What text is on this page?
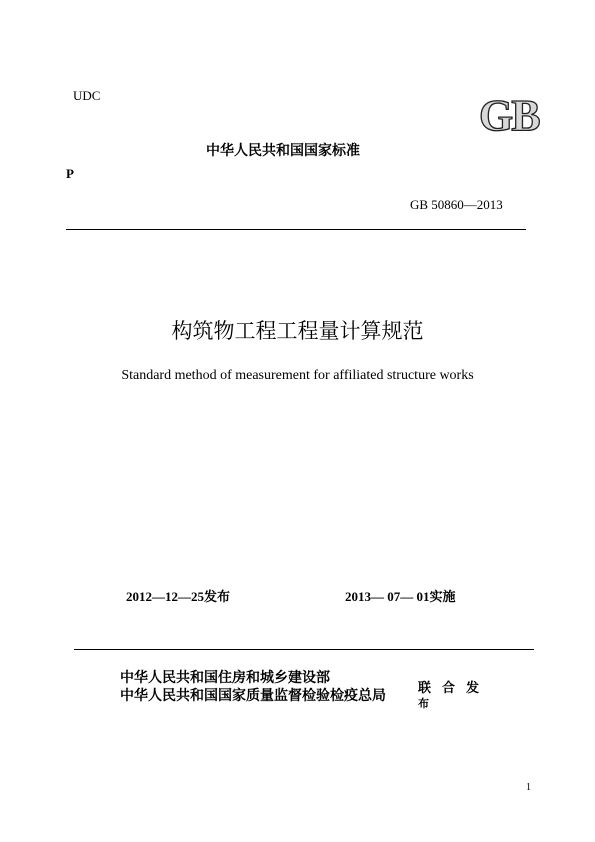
UDC	GB
中华人民共和国国家标准
P
GB 50860—2013
构筑物工程工程量计算规范
Standard method of measurement for affiliated structure works
2012—12—25发布	2013— 07— 01实施
中华人民共和国住房和城乡建设部
中华人民共和国国家质量监督检验检疫总局 联 合 发
布
1
